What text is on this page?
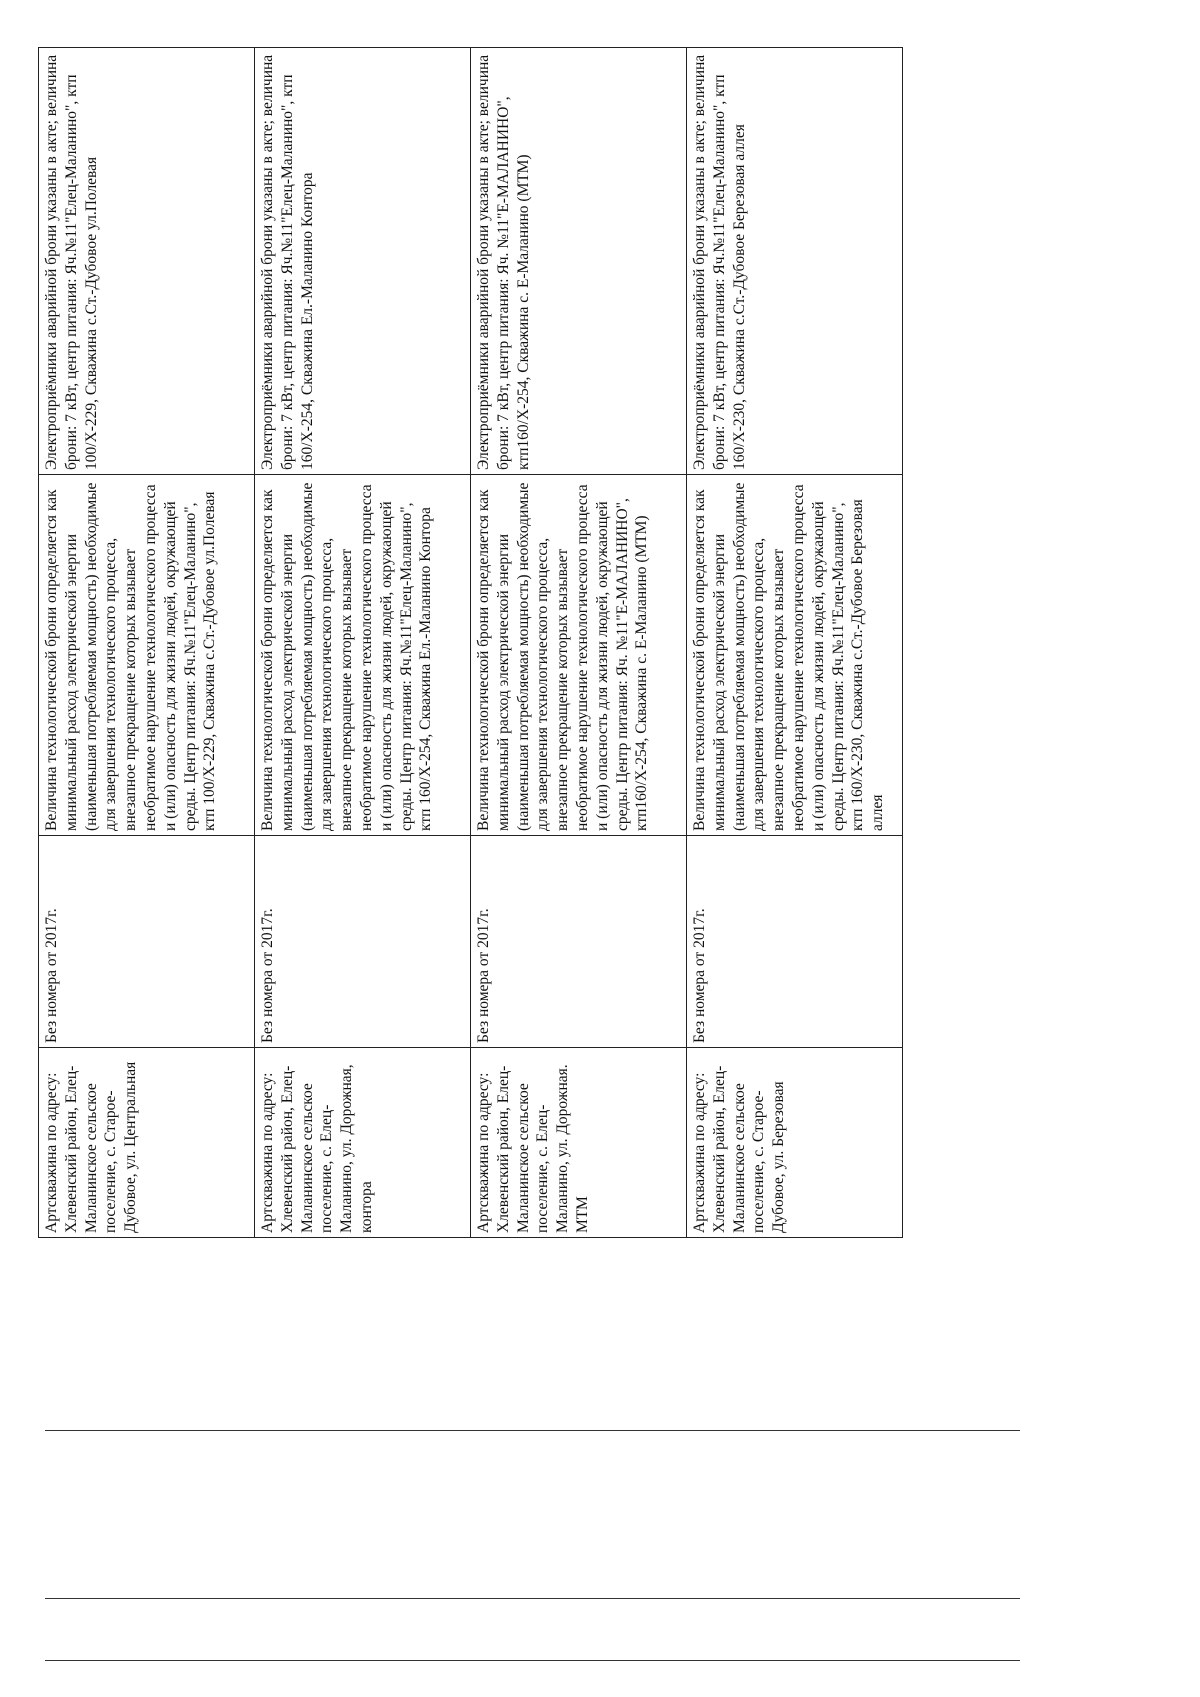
Артскважина по адресу: Хлевенский район, Елец-Маланинское сельское поселение, с. Старое-Дубовое, ул. Центральная	Без номера от 2017г.	Величина технологической брони определяется как минимальный расход электрической энергии (наименьшая потребляемая мощность) необходимые для завершения технологического процесса, внезапное прекращение которых вызывает необратимое нарушение технологического процесса и (или) опасность для жизни людей, окружающей среды. Центр питания: Яч.№11"Елец-Маланино", ктп 100/Х-229, Скважина с.Ст.-Дубовое ул.Полевая	Электроприёмники аварийной брони указаны в акте; величина брони: 7 кВт, центр питания: Яч.№11"Елец-Маланино", ктп 100/Х-229, Скважина с.Ст.-Дубовое ул.Полевая
Артскважина по адресу: Хлевенский район, Елец-Маланинское сельское поселение, с. Елец-Маланино, ул. Дорожная, контора	Без номера от 2017г.	Величина технологической брони определяется как минимальный расход электрической энергии (наименьшая потребляемая мощность) необходимые для завершения технологического процесса, внезапное прекращение которых вызывает необратимое нарушение технологического процесса и (или) опасность для жизни людей, окружающей среды. Центр питания: Яч.№11"Елец-Маланино", ктп 160/Х-254, Скважина Ел.-Маланино Контора	Электроприёмники аварийной брони указаны в акте; величина брони: 7 кВт, центр питания: Яч.№11"Елец-Маланино", ктп 160/Х-254, Скважина Ел.-Маланино Контора
Артскважина по адресу: Хлевенский район, Елец-Маланинское сельское поселение, с. Елец-Маланино, ул. Дорожная. МТМ	Без номера от 2017г.	Величина технологической брони определяется как минимальный расход электрической энергии (наименьшая потребляемая мощность) необходимые для завершения технологического процесса, внезапное прекращение которых вызывает необратимое нарушение технологического процесса и (или) опасность для жизни людей, окружающей среды. Центр питания: Яч. №11"Е-МАЛАНИНО", ктп160/Х-254, Скважина с. Е-Маланино (МТМ)	Электроприёмники аварийной брони указаны в акте; величина брони: 7 кВт, центр питания: Яч. №11"Е-МАЛАНИНО", ктп160/Х-254, Скважина с. Е-Маланино (МТМ)
Артскважина по адресу: Хлевенский район, Елец-Маланинское сельское поселение, с. Старое-Дубовое, ул. Березовая	Без номера от 2017г.	Величина технологической брони определяется как минимальный расход электрической энергии (наименьшая потребляемая мощность) необходимые для завершения технологического процесса, внезапное прекращение которых вызывает необратимое нарушение технологического процесса и (или) опасность для жизни людей, окружающей среды. Центр питания: Яч.№11"Елец-Маланино", ктп 160/Х-230, Скважина с.Ст.-Дубовое Березовая аллея	Электроприёмники аварийной брони указаны в акте; величина брони: 7 кВт, центр питания: Яч.№11"Елец-Маланино", ктп 160/Х-230, Скважина с.Ст.-Дубовое Березовая аллея
